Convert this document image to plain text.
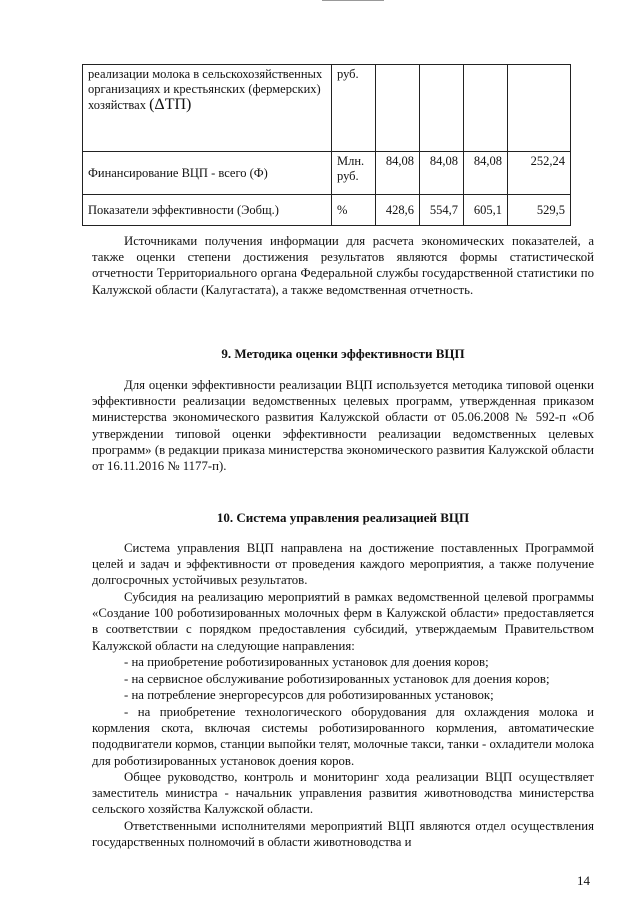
реализации молока в сельскохозяйственных организациях и крестьянских (фермерских) хозяйствах (ΔТП)	руб.				
Финансирование ВЦП - всего (Ф)	Млн. руб.	84,08	84,08	84,08	252,24
Показатели эффективности (Эобщ.)	%	428,6	554,7	605,1	529,5

Источниками получения информации для расчета экономических показателей, а также оценки степени достижения результатов являются формы статистической отчетности Территориального органа Федеральной службы государственной статистики по Калужской области (Калугастата), а также ведомственная отчетность.

9. Методика оценки эффективности ВЦП

Для оценки эффективности реализации ВЦП используется методика типовой оценки эффективности реализации ведомственных целевых программ, утвержденная приказом министерства экономического развития Калужской области от 05.06.2008 № 592-п «Об утверждении типовой оценки эффективности реализации ведомственных целевых программ» (в редакции приказа министерства экономического развития Калужской области от 16.11.2016 № 1177-п).

10. Система управления реализацией ВЦП

Система управления ВЦП направлена на достижение поставленных Программой целей и задач и эффективности от проведения каждого мероприятия, а также получение долгосрочных устойчивых результатов.

Субсидия на реализацию мероприятий в рамках ведомственной целевой программы «Создание 100 роботизированных молочных ферм в Калужской области» предоставляется в соответствии с порядком предоставления субсидий, утверждаемым Правительством Калужской области на следующие направления:

- на приобретение роботизированных установок для доения коров;

- на сервисное обслуживание роботизированных установок для доения коров;

- на потребление энергоресурсов для роботизированных установок;

- на приобретение технологического оборудования для охлаждения молока и кормления скота, включая системы роботизированного кормления, автоматические пододвигатели кормов, станции выпойки телят, молочные такси, танки - охладители молока для роботизированных установок доения коров.

Общее руководство, контроль и мониторинг хода реализации ВЦП осуществляет заместитель министра - начальник управления развития животноводства министерства сельского хозяйства Калужской области.

Ответственными исполнителями мероприятий ВЦП являются отдел осуществления государственных полномочий в области животноводства и

14
